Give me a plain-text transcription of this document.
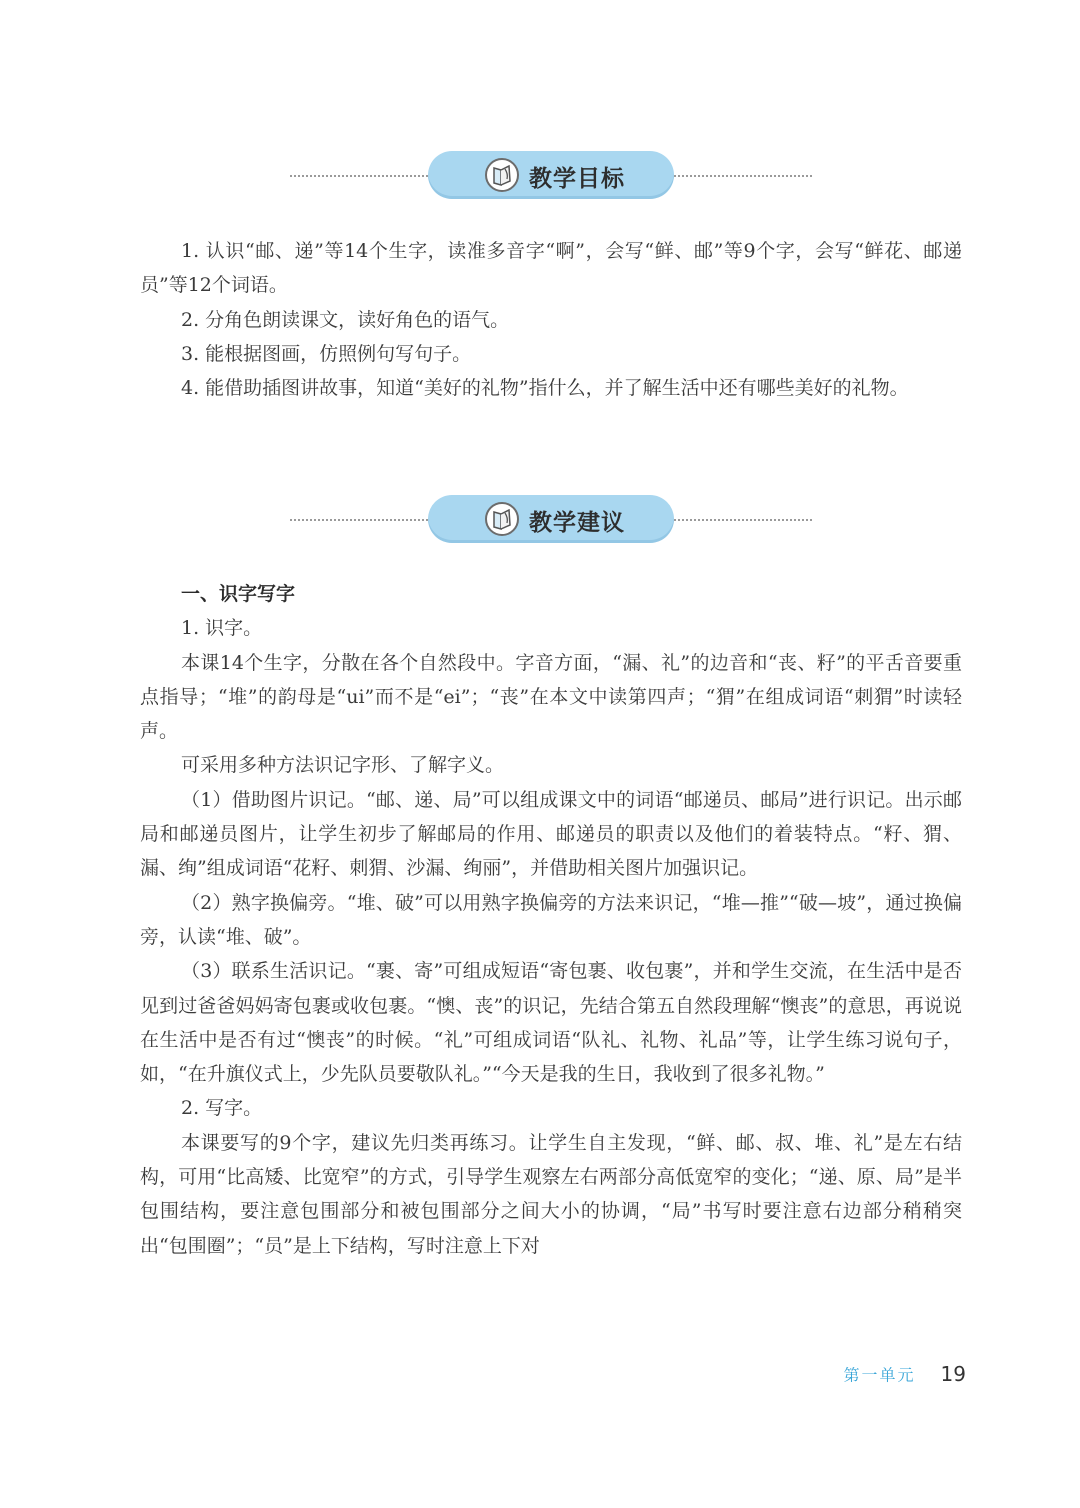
教学目标

1. 认识“邮、递”等14个生字，读准多音字“啊”，会写“鲜、邮”等9个字，会写“鲜花、邮递员”等12个词语。

2. 分角色朗读课文，读好角色的语气。

3. 能根据图画，仿照例句写句子。

4. 能借助插图讲故事，知道“美好的礼物”指什么，并了解生活中还有哪些美好的礼物。

教学建议

一、识字写字

1. 识字。

本课14个生字，分散在各个自然段中。字音方面，“漏、礼”的边音和“丧、籽”的平舌音要重点指导；“堆”的韵母是“ui”而不是“ei”；“丧”在本文中读第四声；“猬”在组成词语“刺猬”时读轻声。

可采用多种方法识记字形、了解字义。

（1）借助图片识记。“邮、递、局”可以组成课文中的词语“邮递员、邮局”进行识记。出示邮局和邮递员图片，让学生初步了解邮局的作用、邮递员的职责以及他们的着装特点。“籽、猬、漏、绚”组成词语“花籽、刺猬、沙漏、绚丽”，并借助相关图片加强识记。

（2）熟字换偏旁。“堆、破”可以用熟字换偏旁的方法来识记，“堆—推”“破—坡”，通过换偏旁，认读“堆、破”。

（3）联系生活识记。“裹、寄”可组成短语“寄包裹、收包裹”，并和学生交流，在生活中是否见到过爸爸妈妈寄包裹或收包裹。“懊、丧”的识记，先结合第五自然段理解“懊丧”的意思，再说说在生活中是否有过“懊丧”的时候。“礼”可组成词语“队礼、礼物、礼品”等，让学生练习说句子，如，“在升旗仪式上，少先队员要敬队礼。”“今天是我的生日，我收到了很多礼物。”

2. 写字。

本课要写的9个字，建议先归类再练习。让学生自主发现，“鲜、邮、叔、堆、礼”是左右结构，可用“比高矮、比宽窄”的方式，引导学生观察左右两部分高低宽窄的变化；“递、原、局”是半包围结构，要注意包围部分和被包围部分之间大小的协调，“局”书写时要注意右边部分稍稍突出“包围圈”；“员”是上下结构，写时注意上下对

第一单元 19
